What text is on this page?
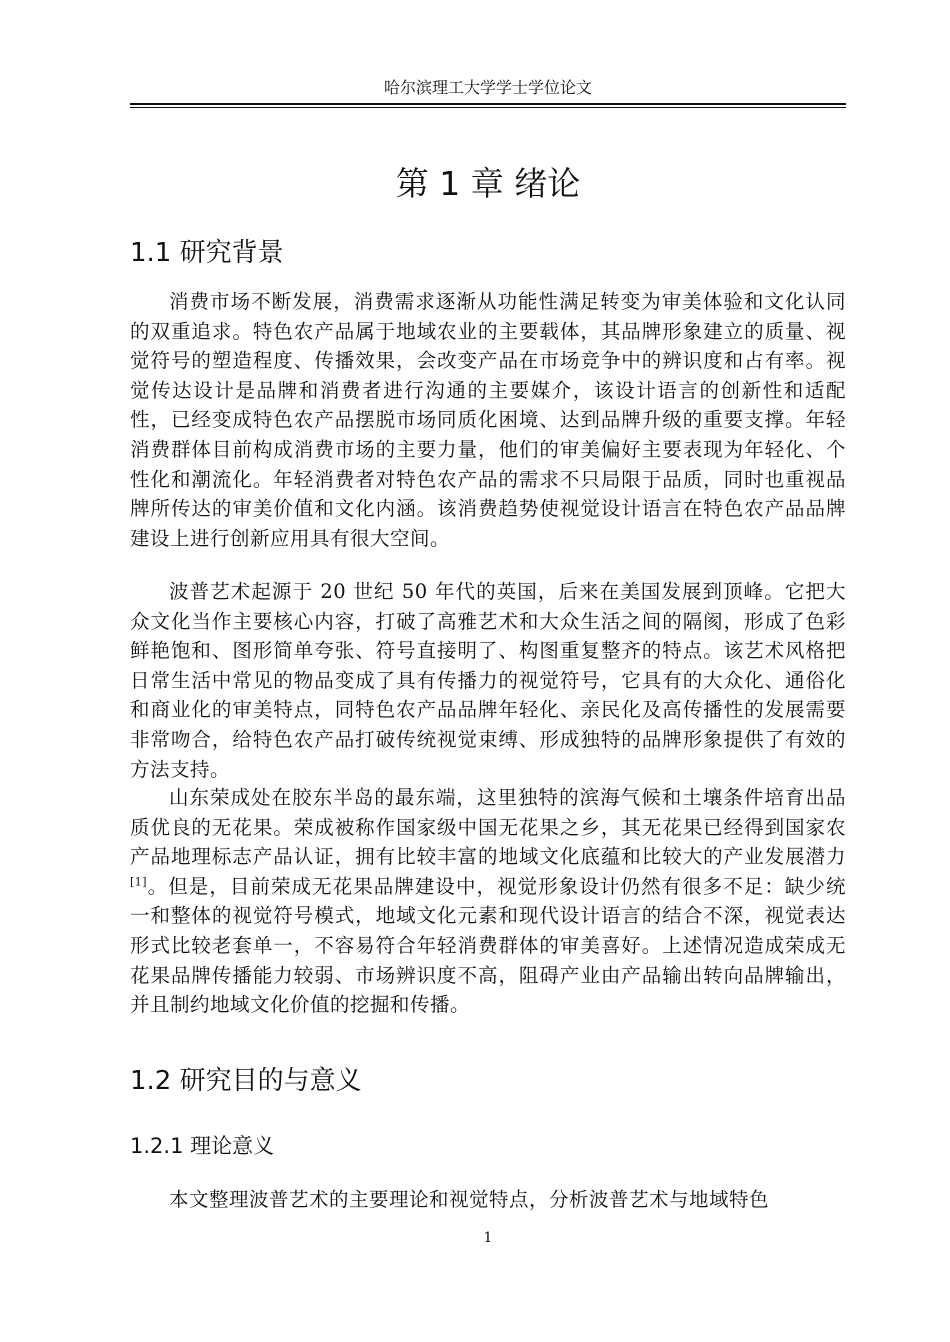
哈尔滨理工大学学士学位论文
第 1 章 绪论
1.1 研究背景

消费市场不断发展，消费需求逐渐从功能性满足转变为审美体验和文化认同的双重追求。特色农产品属于地域农业的主要载体，其品牌形象建立的质量、视觉符号的塑造程度、传播效果，会改变产品在市场竞争中的辨识度和占有率。视觉传达设计是品牌和消费者进行沟通的主要媒介，该设计语言的创新性和适配性，已经变成特色农产品摆脱市场同质化困境、达到品牌升级的重要支撑。年轻消费群体目前构成消费市场的主要力量，他们的审美偏好主要表现为年轻化、个性化和潮流化。年轻消费者对特色农产品的需求不只局限于品质，同时也重视品牌所传达的审美价值和文化内涵。该消费趋势使视觉设计语言在特色农产品品牌建设上进行创新应用具有很大空间。

波普艺术起源于 20 世纪 50 年代的英国，后来在美国发展到顶峰。它把大众文化当作主要核心内容，打破了高雅艺术和大众生活之间的隔阂，形成了色彩鲜艳饱和、图形简单夸张、符号直接明了、构图重复整齐的特点。该艺术风格把日常生活中常见的物品变成了具有传播力的视觉符号，它具有的大众化、通俗化和商业化的审美特点，同特色农产品品牌年轻化、亲民化及高传播性的发展需要非常吻合，给特色农产品打破传统视觉束缚、形成独特的品牌形象提供了有效的方法支持。

山东荣成处在胶东半岛的最东端，这里独特的滨海气候和土壤条件培育出品质优良的无花果。荣成被称作国家级中国无花果之乡，其无花果已经得到国家农产品地理标志产品认证，拥有比较丰富的地域文化底蕴和比较大的产业发展潜力[1]。但是，目前荣成无花果品牌建设中，视觉形象设计仍然有很多不足：缺少统一和整体的视觉符号模式，地域文化元素和现代设计语言的结合不深，视觉表达形式比较老套单一，不容易符合年轻消费群体的审美喜好。上述情况造成荣成无花果品牌传播能力较弱、市场辨识度不高，阻碍产业由产品输出转向品牌输出，并且制约地域文化价值的挖掘和传播。

1.2 研究目的与意义
1.2.1 理论意义

本文整理波普艺术的主要理论和视觉特点，分析波普艺术与地域特色

1
